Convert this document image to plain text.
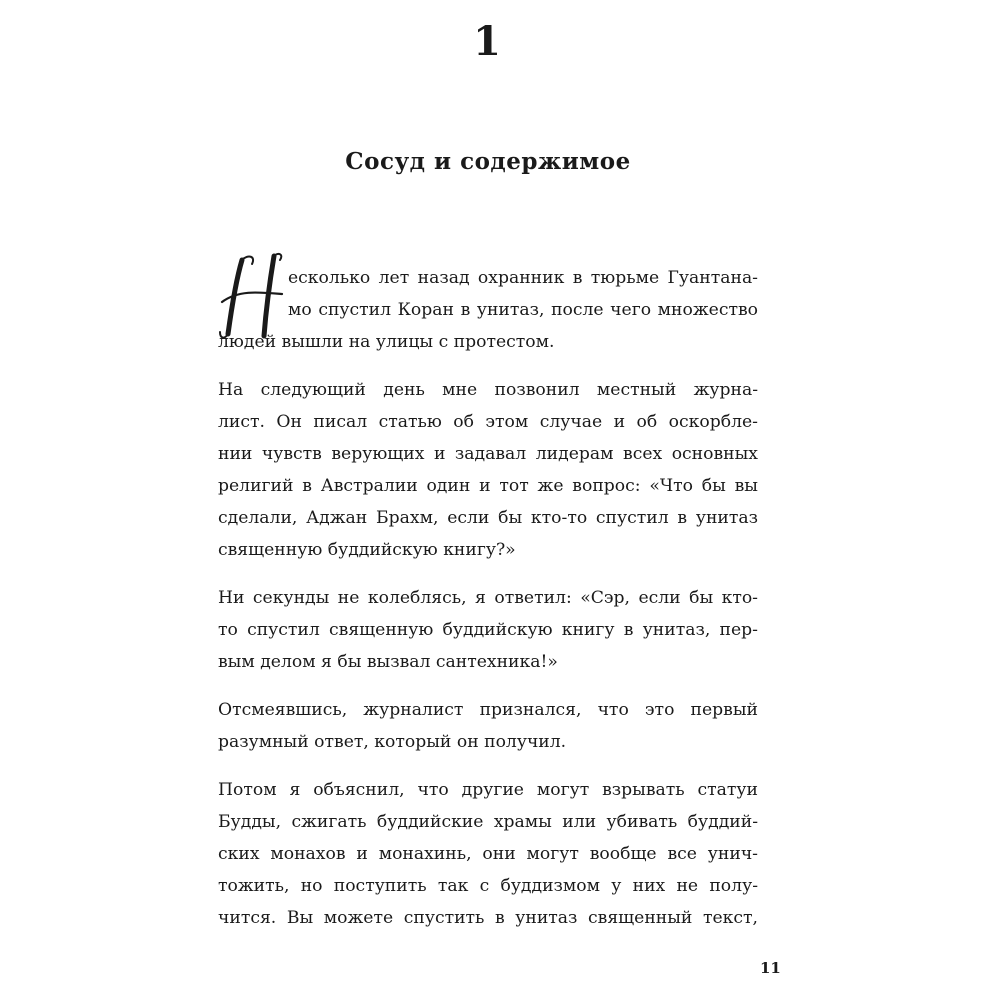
1
Сосуд и содержимое
Н
есколько лет назад охранник в тюрьме Гуантана-
мо спустил Коран в унитаз, после чего множество
людей вышли на улицы с протестом.
На следующий день мне позвонил местный журна-
лист. Он писал статью об этом случае и об оскорбле-
нии чувств верующих и задавал лидерам всех основных
религий в Австралии один и тот же вопрос: «Что бы вы
сделали, Аджан Брахм, если бы кто-то спустил в унитаз
священную буддийскую книгу?»
Ни секунды не колеблясь, я ответил: «Сэр, если бы кто-
то спустил священную буддийскую книгу в унитаз, пер-
вым делом я бы вызвал сантехника!»
Отсмеявшись, журналист признался, что это первый
разумный ответ, который он получил.
Потом я объяснил, что другие могут взрывать статуи
Будды, сжигать буддийские храмы или убивать буддий-
ских монахов и монахинь, они могут вообще все унич-
тожить, но поступить так с буддизмом у них не полу-
чится. Вы можете спустить в унитаз священный текст,
11
